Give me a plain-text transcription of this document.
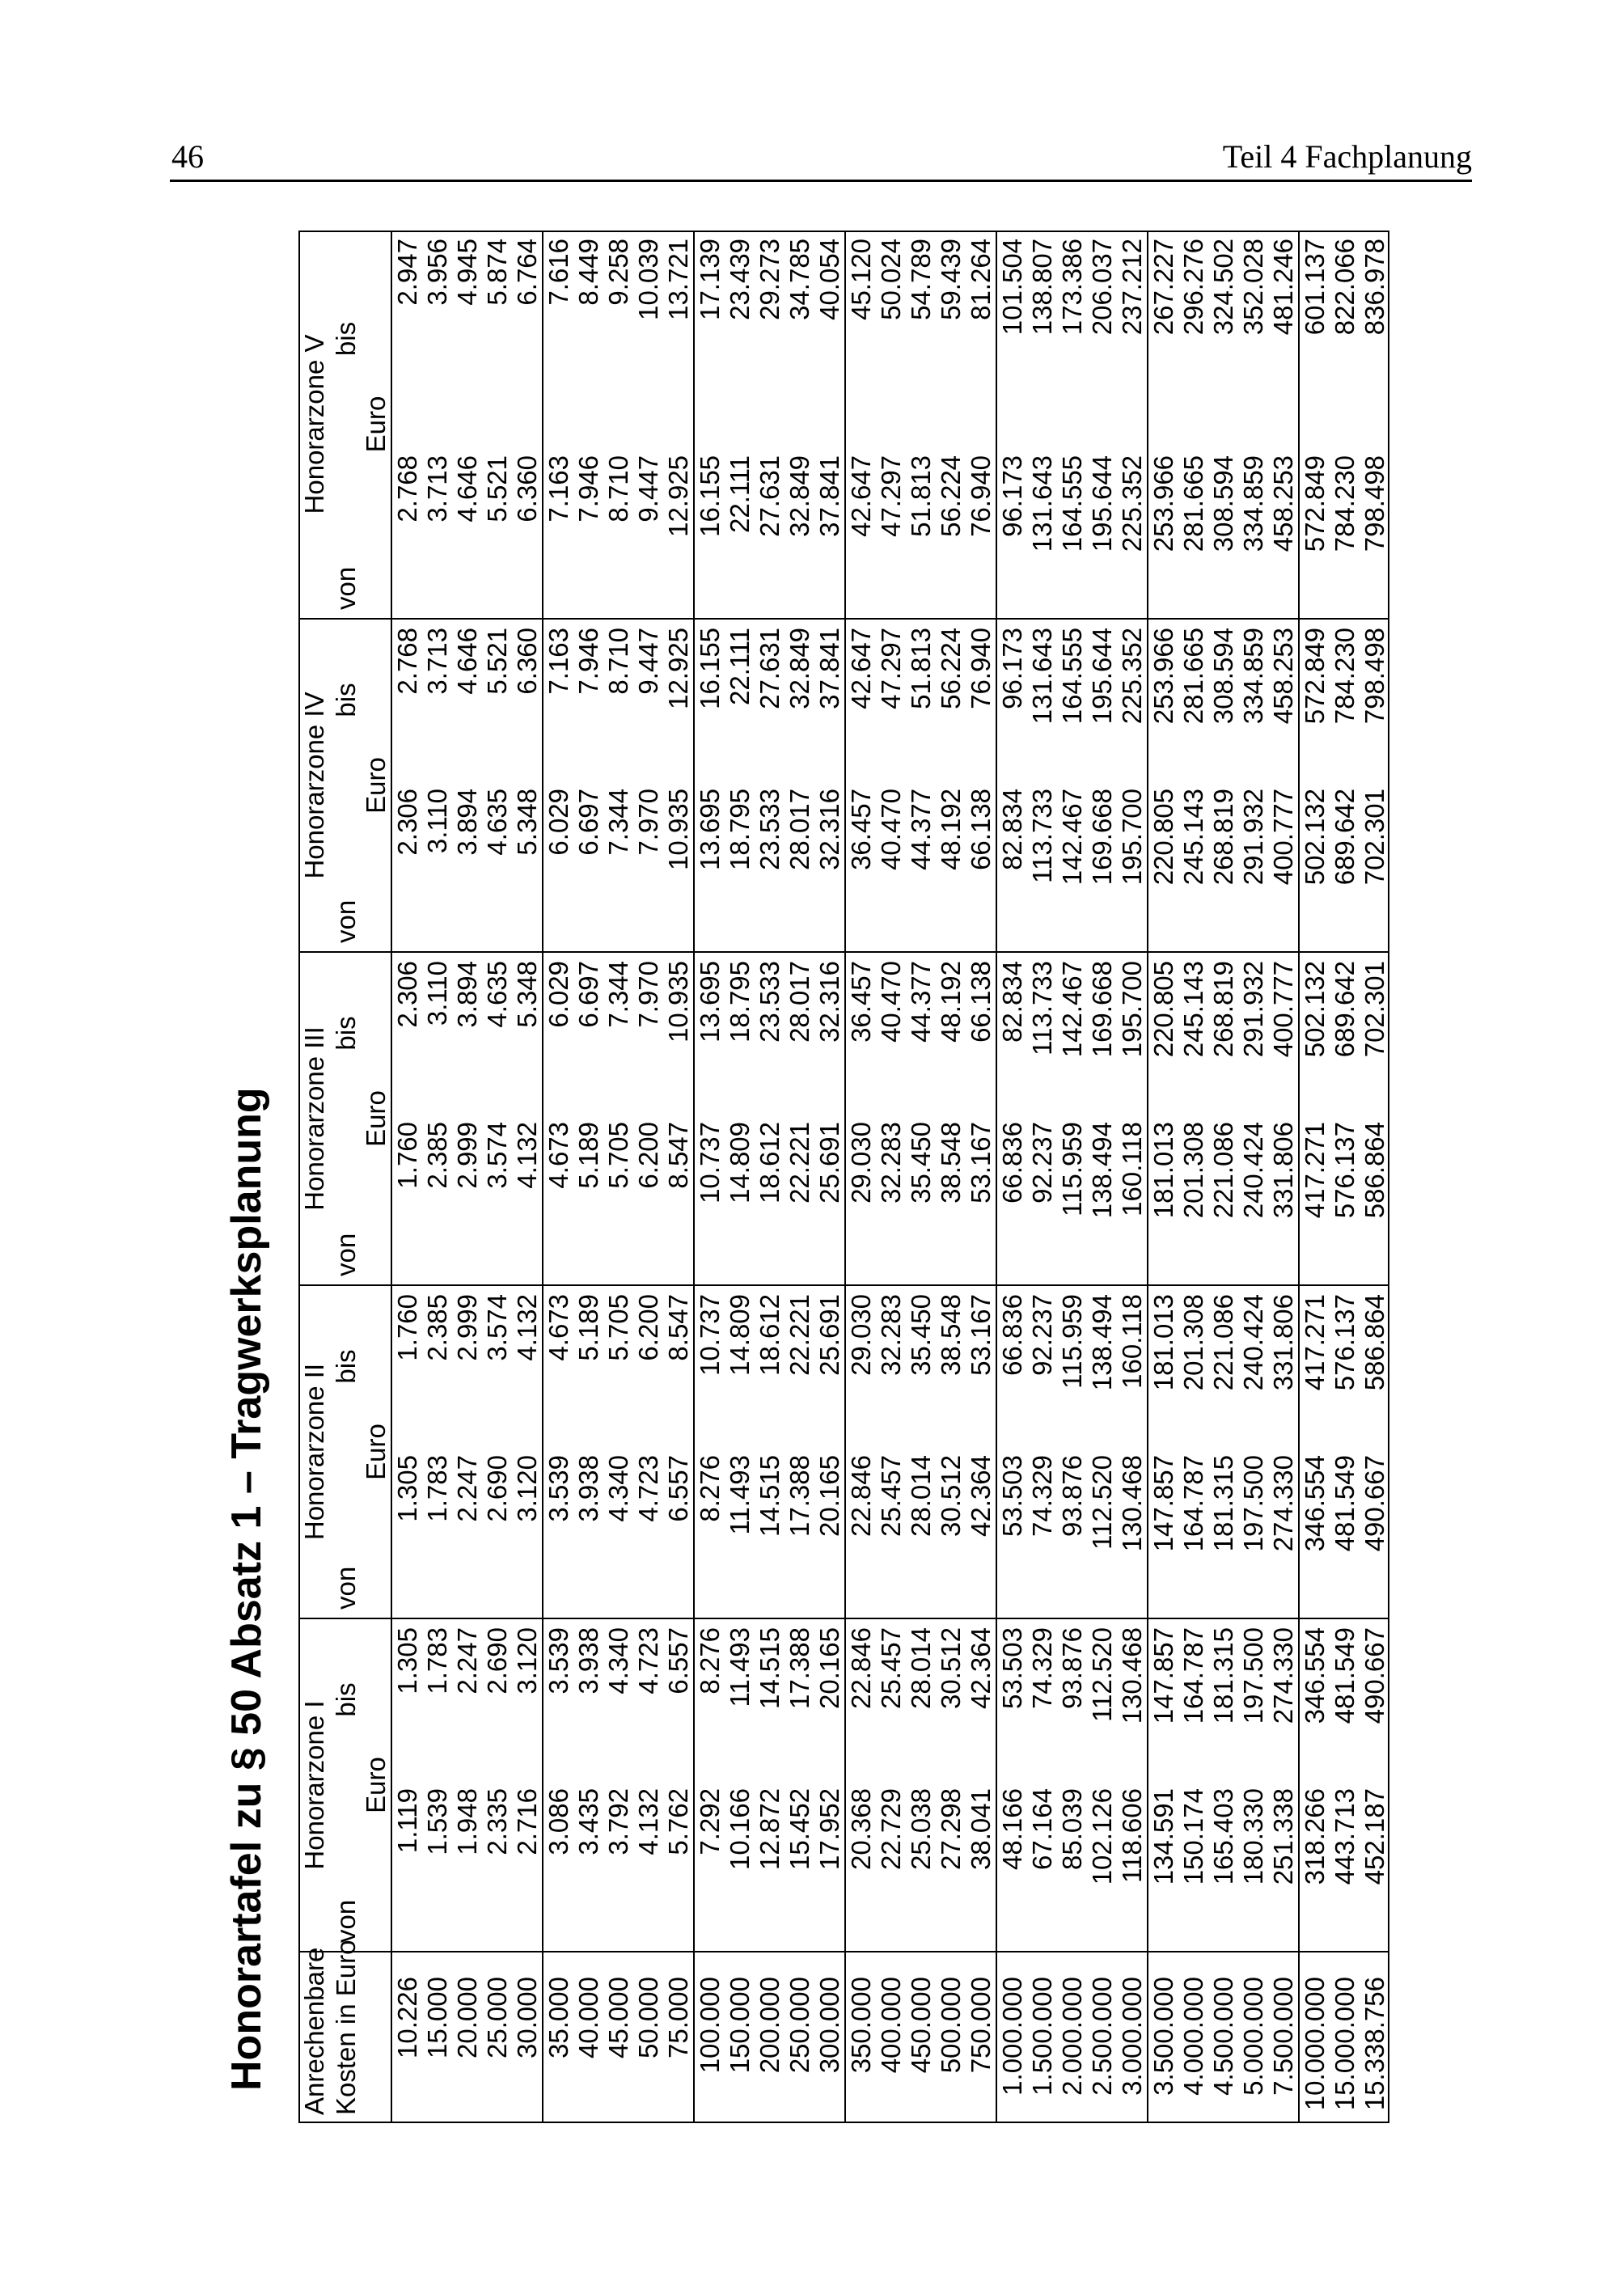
46	Teil 4 Fachplanung
Honorartafel zu § 50 Absatz 1 – Tragwerksplanung Anrechenbare	Honorarzone I		Honorarzone II		Honorarzone III		Honorarzone IV		Honorarzone V	
Kosten in Euro	von	bis	von	bis	von	bis	von	bis	von	bis
	Euro		Euro		Euro		Euro		Euro	
10.226	1.119	1.305	1.305	1.760	1.760	2.306	2.306	2.768	2.768	2.947
15.000	1.539	1.783	1.783	2.385	2.385	3.110	3.110	3.713	3.713	3.956
20.000	1.948	2.247	2.247	2.999	2.999	3.894	3.894	4.646	4.646	4.945
25.000	2.335	2.690	2.690	3.574	3.574	4.635	4.635	5.521	5.521	5.874
30.000	2.716	3.120	3.120	4.132	4.132	5.348	5.348	6.360	6.360	6.764
35.000	3.086	3.539	3.539	4.673	4.673	6.029	6.029	7.163	7.163	7.616
40.000	3.435	3.938	3.938	5.189	5.189	6.697	6.697	7.946	7.946	8.449
45.000	3.792	4.340	4.340	5.705	5.705	7.344	7.344	8.710	8.710	9.258
50.000	4.132	4.723	4.723	6.200	6.200	7.970	7.970	9.447	9.447	10.039
75.000	5.762	6.557	6.557	8.547	8.547	10.935	10.935	12.925	12.925	13.721
100.000	7.292	8.276	8.276	10.737	10.737	13.695	13.695	16.155	16.155	17.139
150.000	10.166	11.493	11.493	14.809	14.809	18.795	18.795	22.111	22.111	23.439
200.000	12.872	14.515	14.515	18.612	18.612	23.533	23.533	27.631	27.631	29.273
250.000	15.452	17.388	17.388	22.221	22.221	28.017	28.017	32.849	32.849	34.785
300.000	17.952	20.165	20.165	25.691	25.691	32.316	32.316	37.841	37.841	40.054
350.000	20.368	22.846	22.846	29.030	29.030	36.457	36.457	42.647	42.647	45.120
400.000	22.729	25.457	25.457	32.283	32.283	40.470	40.470	47.297	47.297	50.024
450.000	25.038	28.014	28.014	35.450	35.450	44.377	44.377	51.813	51.813	54.789
500.000	27.298	30.512	30.512	38.548	38.548	48.192	48.192	56.224	56.224	59.439
750.000	38.041	42.364	42.364	53.167	53.167	66.138	66.138	76.940	76.940	81.264
1.000.000	48.166	53.503	53.503	66.836	66.836	82.834	82.834	96.173	96.173	101.504
1.500.000	67.164	74.329	74.329	92.237	92.237	113.733	113.733	131.643	131.643	138.807
2.000.000	85.039	93.876	93.876	115.959	115.959	142.467	142.467	164.555	164.555	173.386
2.500.000	102.126	112.520	112.520	138.494	138.494	169.668	169.668	195.644	195.644	206.037
3.000.000	118.606	130.468	130.468	160.118	160.118	195.700	195.700	225.352	225.352	237.212
3.500.000	134.591	147.857	147.857	181.013	181.013	220.805	220.805	253.966	253.966	267.227
4.000.000	150.174	164.787	164.787	201.308	201.308	245.143	245.143	281.665	281.665	296.276
4.500.000	165.403	181.315	181.315	221.086	221.086	268.819	268.819	308.594	308.594	324.502
5.000.000	180.330	197.500	197.500	240.424	240.424	291.932	291.932	334.859	334.859	352.028
7.500.000	251.338	274.330	274.330	331.806	331.806	400.777	400.777	458.253	458.253	481.246
10.000.000	318.266	346.554	346.554	417.271	417.271	502.132	502.132	572.849	572.849	601.137
15.000.000	443.713	481.549	481.549	576.137	576.137	689.642	689.642	784.230	784.230	822.066
15.338.756	452.187	490.667	490.667	586.864	586.864	702.301	702.301	798.498	798.498	836.978
